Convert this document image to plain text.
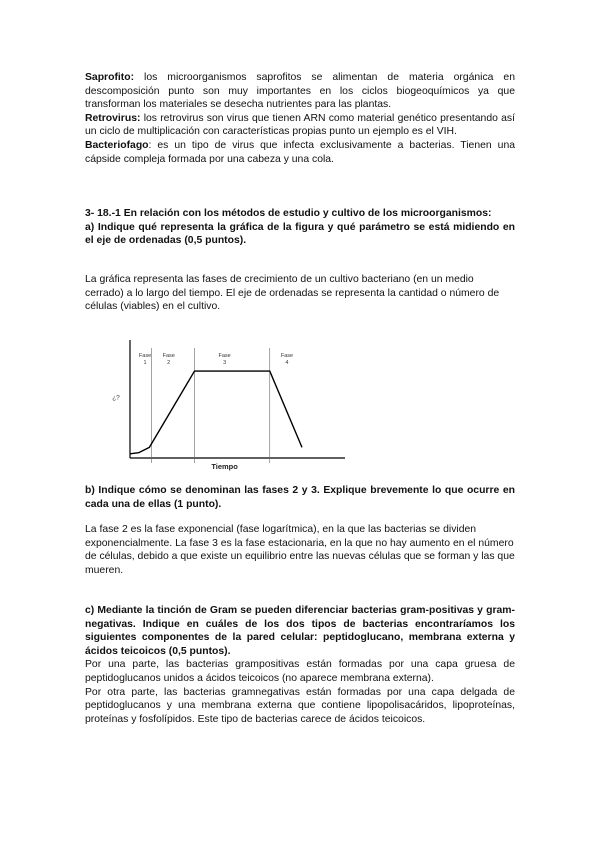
Saprofito: los microorganismos saprofitos se alimentan de materia orgánica en descomposición punto son muy importantes en los ciclos biogeoquímicos ya que transforman los materiales se desecha nutrientes para las plantas.

Retrovirus: los retrovirus son virus que tienen ARN como material genético presentando así un ciclo de multiplicación con características propias punto un ejemplo es el VIH.

Bacteriofago: es un tipo de virus que infecta exclusivamente a bacterias. Tienen una cápside compleja formada por una cabeza y una cola.

3- 18.-1 En relación con los métodos de estudio y cultivo de los microorganismos:

a) Indique qué representa la gráfica de la figura y qué parámetro se está midiendo en el eje de ordenadas (0,5 puntos).

La gráfica representa las fases de crecimiento de un cultivo bacteriano (en un medio cerrado) a lo largo del tiempo. El eje de ordenadas se representa la cantidad o número de células (viables) en el cultivo.

¿?
Tiempo
Fase
1
Fase
2
Fase
3
Fase
4

b) Indique cómo se denominan las fases 2 y 3. Explique brevemente lo que ocurre en cada una de ellas (1 punto).

La fase 2 es la fase exponencial (fase logarítmica), en la que las bacterias se dividen exponencialmente. La fase 3 es la fase estacionaria, en la que no hay aumento en el número de células, debido a que existe un equilibrio entre las nuevas células que se forman y las que mueren.

c) Mediante la tinción de Gram se pueden diferenciar bacterias gram-positivas y gram-negativas. Indique en cuáles de los dos tipos de bacterias encontraríamos los siguientes componentes de la pared celular: peptidoglucano, membrana externa y ácidos teicoicos (0,5 puntos).

Por una parte, las bacterias grampositivas están formadas por una capa gruesa de peptidoglucanos unidos a ácidos teicoicos (no aparece membrana externa).

Por otra parte, las bacterias gramnegativas están formadas por una capa delgada de peptidoglucanos y una membrana externa que contiene lipopolisacáridos, lipoproteínas, proteínas y fosfolípidos. Este tipo de bacterias carece de ácidos teicoicos.
